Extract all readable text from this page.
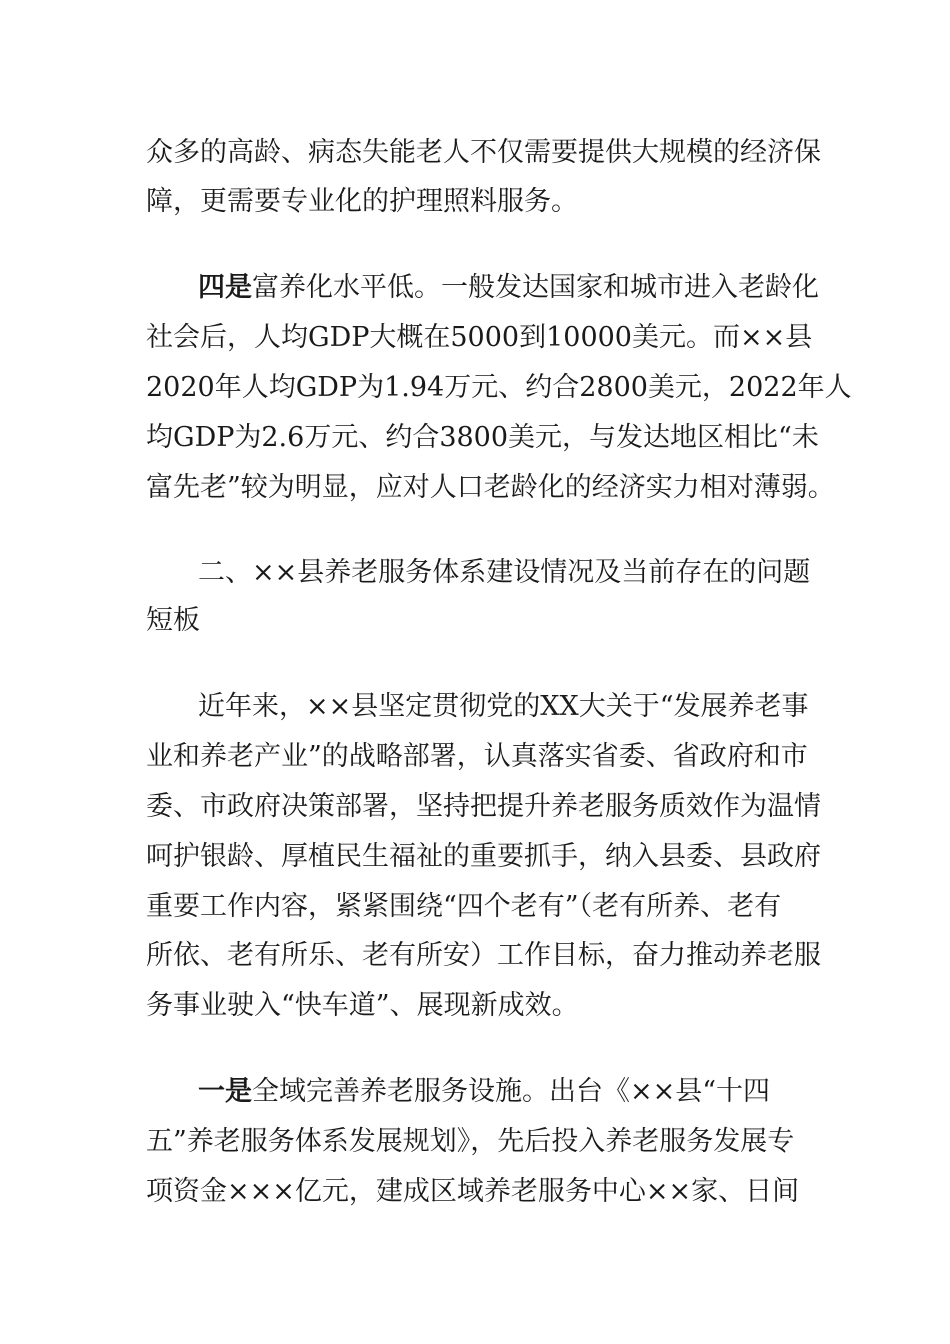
众多的高龄、病态失能老人不仅需要提供大规模的经济保
障，更需要专业化的护理照料服务。
四是富养化水平低。一般发达国家和城市进入老龄化
社会后，人均GDP大概在5000到10000美元。而××县
2020年人均GDP为1.94万元、约合2800美元，2022年人
均GDP为2.6万元、约合3800美元，与发达地区相比“未
富先老”较为明显，应对人口老龄化的经济实力相对薄弱。
二、××县养老服务体系建设情况及当前存在的问题
短板
近年来，××县坚定贯彻党的XX大关于“发展养老事
业和养老产业”的战略部署，认真落实省委、省政府和市
委、市政府决策部署，坚持把提升养老服务质效作为温情
呵护银龄、厚植民生福祉的重要抓手，纳入县委、县政府
重要工作内容，紧紧围绕“四个老有”（老有所养、老有
所依、老有所乐、老有所安）工作目标，奋力推动养老服
务事业驶入“快车道”、展现新成效。
一是全域完善养老服务设施。出台《××县“十四
五”养老服务体系发展规划》，先后投入养老服务发展专
项资金×××亿元，建成区域养老服务中心××家、日间
